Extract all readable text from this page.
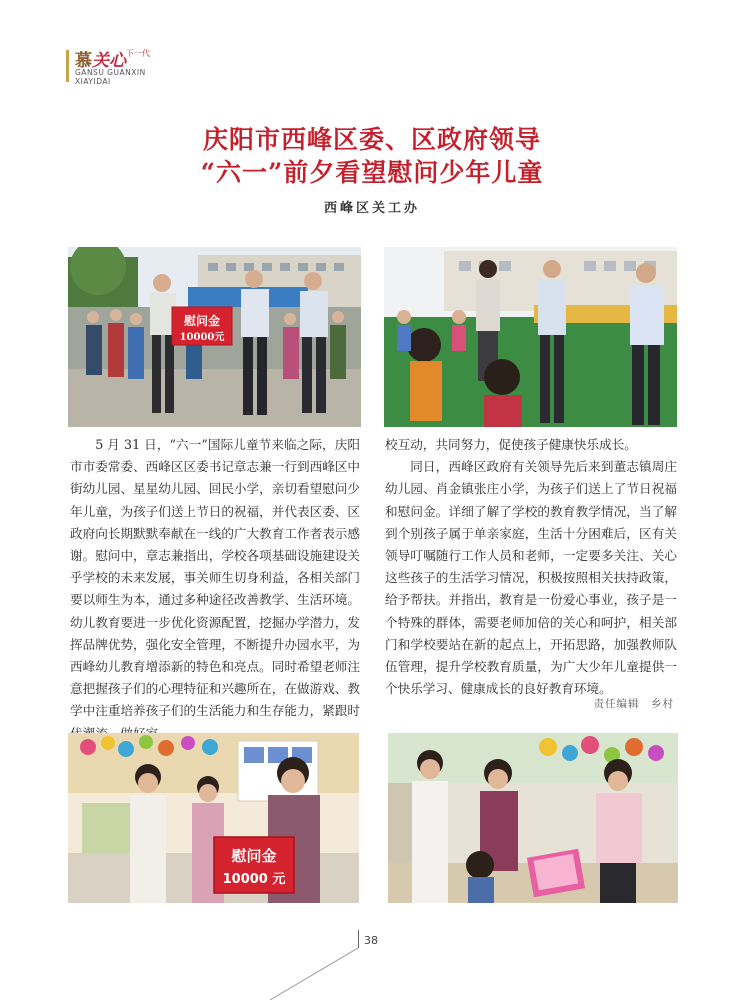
慕关心 下一代
GANSU GUANXIN
XIAYIDAI
庆阳市西峰区委、区政府领导
“六一”前夕看望慰问少年儿童
西峰区关工办
慰问金
10000元

5 月 31 日，“六一”国际儿童节来临之际，庆阳市市委常委、西峰区区委书记章志兼一行到西峰区中街幼儿园、星星幼儿园、回民小学，亲切看望慰问少年儿童，为孩子们送上节日的祝福，并代表区委、区政府向长期默默奉献在一线的广大教育工作者表示感谢。慰问中，章志兼指出，学校各项基础设施建设关乎学校的未来发展，事关师生切身利益，各相关部门要以师生为本，通过多种途径改善教学、生活环境。幼儿教育要进一步优化资源配置，挖掘办学潜力，发挥品牌优势，强化安全管理，不断提升办园水平，为西峰幼儿教育增添新的特色和亮点。同时希望老师注意把握孩子们的心理特征和兴趣所在，在做游戏、教学中注重培养孩子们的生活能力和生存能力，紧跟时

校互动，共同努力，促使孩子健康快乐成长。

同日，西峰区政府有关领导先后来到董志镇周庄幼儿园、肖金镇张庄小学，为孩子们送上了节日祝福和慰问金。详细了解了学校的教育教学情况，当了解到个别孩子属于单亲家庭，生活十分困难后，区有关领导叮嘱随行工作人员和老师，一定要多关注、关心这些孩子的生活学习情况，积极按照相关扶持政策，给予帮扶。并指出，教育是一份爱心事业，孩子是一个特殊的群体，需要老师加倍的关心和呵护，相关部门和学校要站在新的起点上，开拓思路，加强教师队伍管理，提升学校教育质量，为广大少年儿童提供一个快乐学习、健康成长的良好教育环境。

责任编辑　乡村
慰问金
10000 元
38
